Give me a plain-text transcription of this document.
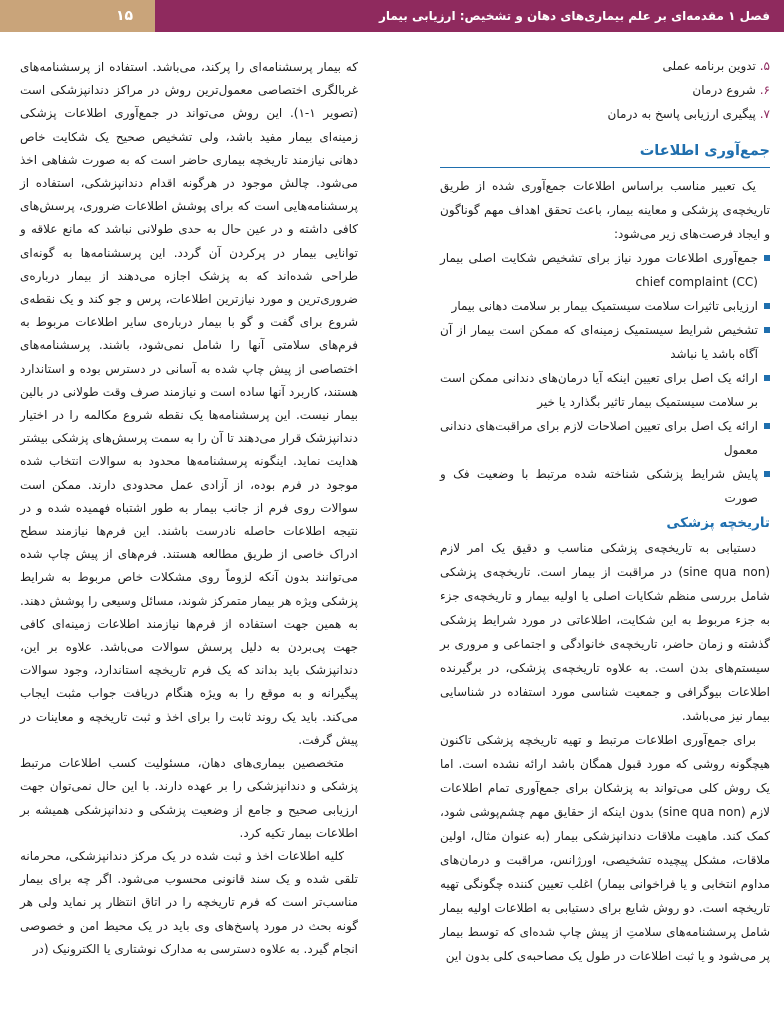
فصل ۱ مقدمه‌ای بر علم بیماری‌های دهان و تشخیص: ارزیابی بیمار
۱۵
۵. تدوین برنامه عملی
۶. شروع درمان
۷. پیگیری ارزیابی پاسخ به درمان
جمع‌آوری اطلاعات

یک تعبیر مناسب براساس اطلاعات جمع‌آوری شده از طریق تاریخچه‌ی پزشکی و معاینه بیمار، باعث تحقق اهداف مهم گوناگون و ایجاد فرصت‌های زیر می‌شود:

جمع‌آوری اطلاعات مورد نیاز برای تشخیص شکایت اصلی بیمار chief complaint (CC)
ارزیابی تاثیرات سلامت سیستمیک بیمار بر سلامت دهانی بیمار
تشخیص شرایط سیستمیک زمینه‌ای که ممکن است بیمار از آن آگاه باشد یا نباشد
ارائه یک اصل برای تعیین اینکه آیا درمان‌های دندانی ممکن است بر سلامت سیستمیک بیمار تاثیر بگذارد یا خیر
ارائه یک اصل برای تعیین اصلاحات لازم برای مراقبت‌های دندانی معمول
پایش شرایط پزشکی شناخته شده مرتبط با وضعیت فک و صورت
تاریخچه پزشکی

دستیابی به تاریخچه‌ی پزشکی مناسب و دقیق یک امر لازم (sine qua non) در مراقبت از بیمار است. تاریخچه‌ی پزشکی شامل بررسی منظم شکایات اصلی یا اولیه بیمار و تاریخچه‌ی جزء به جزء مربوط به این شکایت، اطلاعاتی در مورد شرایط پزشکی گذشته و زمان حاضر، تاریخچه‌ی خانوادگی و اجتماعی و مروری بر سیستم‌های بدن است. به علاوه تاریخچه‌ی پزشکی، در برگیرنده اطلاعات بیوگرافی و جمعیت شناسی مورد استفاده در شناسایی بیمار نیز می‌باشد.

برای جمع‌آوری اطلاعات مرتبط و تهیه تاریخچه پزشکی تاکنون هیچگونه روشی که مورد قبول همگان باشد ارائه نشده است. اما یک روش کلی می‌تواند به پزشکان برای جمع‌آوری تمام اطلاعات لازم (sine qua non) بدون اینکه از حقایق مهم چشم‌پوشی شود، کمک کند. ماهیت ملاقات دندانپزشکی بیمار (به عنوان مثال، اولین ملاقات، مشکل پیچیده تشخیصی، اورژانس، مراقبت و درمان‌های مداوم انتخابی و یا فراخوانی بیمار) اغلب تعیین کننده چگونگی تهیه تاریخچه است. دو روش شایع برای دستیابی به اطلاعات اولیه بیمار شامل پرسشنامه‌های سلامتِ از پیش چاپ شده‌ای که توسط بیمار پر می‌شود و یا ثبت اطلاعات در طول یک مصاحبه‌ی کلی بدون این

که بیمار پرسشنامه‌ای را پرکند، می‌باشد. استفاده از پرسشنامه‌های غربالگری اختصاصی معمول‌ترین روش در مراکز دندانپزشکی است (تصویر ۱-۱). این روش می‌تواند در جمع‌آوری اطلاعات پزشکی زمینه‌ای بیمار مفید باشد، ولی تشخیص صحیح یک شکایت خاص دهانی نیازمند تاریخچه بیماری حاضر است که به صورت شفاهی اخذ می‌شود. چالش موجود در هرگونه اقدام دندانپزشکی، استفاده از پرسشنامه‌هایی است که برای پوشش اطلاعات ضروری، پرسش‌های کافی داشته و در عین حال به حدی طولانی نباشد که مانع علاقه و توانایی بیمار در پرکردن آن گردد. این پرسشنامه‌ها به گونه‌ای طراحی شده‌اند که به پزشک اجازه می‌دهند از بیمار درباره‌ی ضروری‌ترین و مورد نیازترین اطلاعات، پرس و جو کند و یک نقطه‌ی شروع برای گفت و گو با بیمار درباره‌ی سایر اطلاعات مربوط به فرم‌های سلامتی آنها را شامل نمی‌شود، باشند. پرسشنامه‌های اختصاصی از پیش چاپ شده به آسانی در دسترس بوده و استاندارد هستند، کاربرد آنها ساده است و نیازمند صرف وقت طولانی در بالین بیمار نیست. این پرسشنامه‌ها یک نقطه شروع مکالمه را در اختیار دندانپزشک قرار می‌دهند تا آن را به سمت پرسش‌های پزشکی بیشتر هدایت نماید. اینگونه پرسشنامه‌ها محدود به سوالات انتخاب شده موجود در فرم بوده، از آزادی عمل محدودی دارند. ممکن است سوالات روی فرم از جانب بیمار به طور اشتباه فهمیده شده و در نتیجه اطلاعات حاصله نادرست باشند. این فرم‌ها نیازمند سطح ادراک خاصی از طریق مطالعه هستند. فرم‌های از پیش چاپ شده می‌توانند بدون آنکه لزوماً روی مشکلات خاص مربوط به شرایط پزشکی ویژه هر بیمار متمرکز شوند، مسائل وسیعی را پوشش دهند. به همین جهت استفاده از فرم‌ها نیازمند اطلاعات زمینه‌ای کافی جهت پی‌بردن به دلیل پرسش سوالات می‌باشد. علاوه بر این، دندانپزشک باید بداند که یک فرم تاریخچه استاندارد، وجود سوالات پیگیرانه و به موقع را به ویژه هنگام دریافت جواب مثبت ایجاب می‌کند. باید یک روند ثابت را برای اخذ و ثبت تاریخچه و معاینات در پیش گرفت.

متخصصین بیماری‌های دهان، مسئولیت کسب اطلاعات مرتبط پزشکی و دندانپزشکی را بر عهده دارند. با این حال نمی‌توان جهت ارزیابی صحیح و جامع از وضعیت پزشکی و دندانپزشکی همیشه بر اطلاعات بیمار تکیه کرد.

کلیه اطلاعات اخذ و ثبت شده در یک مرکز دندانپزشکی، محرمانه تلقی شده و یک سند قانونی محسوب می‌شود. اگر چه برای بیمار مناسب‌تر است که فرم تاریخچه را در اتاق انتظار پر نماید ولی هر گونه بحث در مورد پاسخ‌های وی باید در یک محیط امن و خصوصی انجام گیرد. به علاوه دسترسی به مدارک نوشتاری یا الکترونیک (در
